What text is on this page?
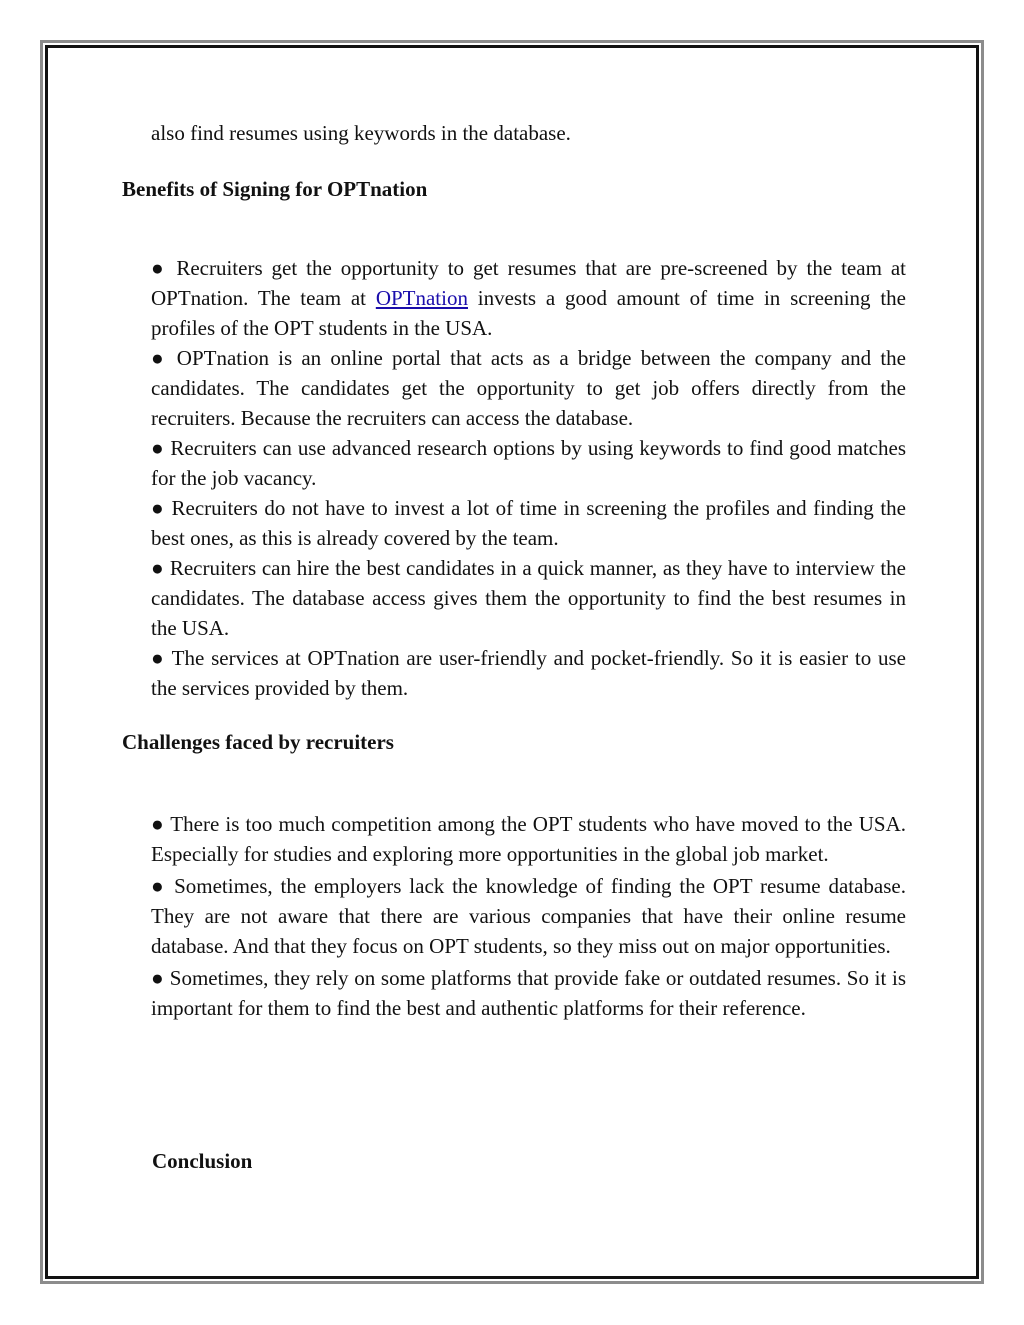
also find resumes using keywords in the database.

Benefits of Signing for OPTnation
● Recruiters get the opportunity to get resumes that are pre-screened by the team at OPTnation. The team at OPTnation invests a good amount of time in screening the profiles of the OPT students in the USA.
● OPTnation is an online portal that acts as a bridge between the company and the candidates. The candidates get the opportunity to get job offers directly from the recruiters. Because the recruiters can access the database.
● Recruiters can use advanced research options by using keywords to find good matches for the job vacancy.
● Recruiters do not have to invest a lot of time in screening the profiles and finding the best ones, as this is already covered by the team.
● Recruiters can hire the best candidates in a quick manner, as they have to interview the candidates. The database access gives them the opportunity to find the best resumes in the USA.
● The services at OPTnation are user-friendly and pocket-friendly. So it is easier to use the services provided by them.
Challenges faced by recruiters
● There is too much competition among the OPT students who have moved to the USA. Especially for studies and exploring more opportunities in the global job market.
● Sometimes, the employers lack the knowledge of finding the OPT resume database. They are not aware that there are various companies that have their online resume database. And that they focus on OPT students, so they miss out on major opportunities.
● Sometimes, they rely on some platforms that provide fake or outdated resumes. So it is important for them to find the best and authentic platforms for their reference.
Conclusion
